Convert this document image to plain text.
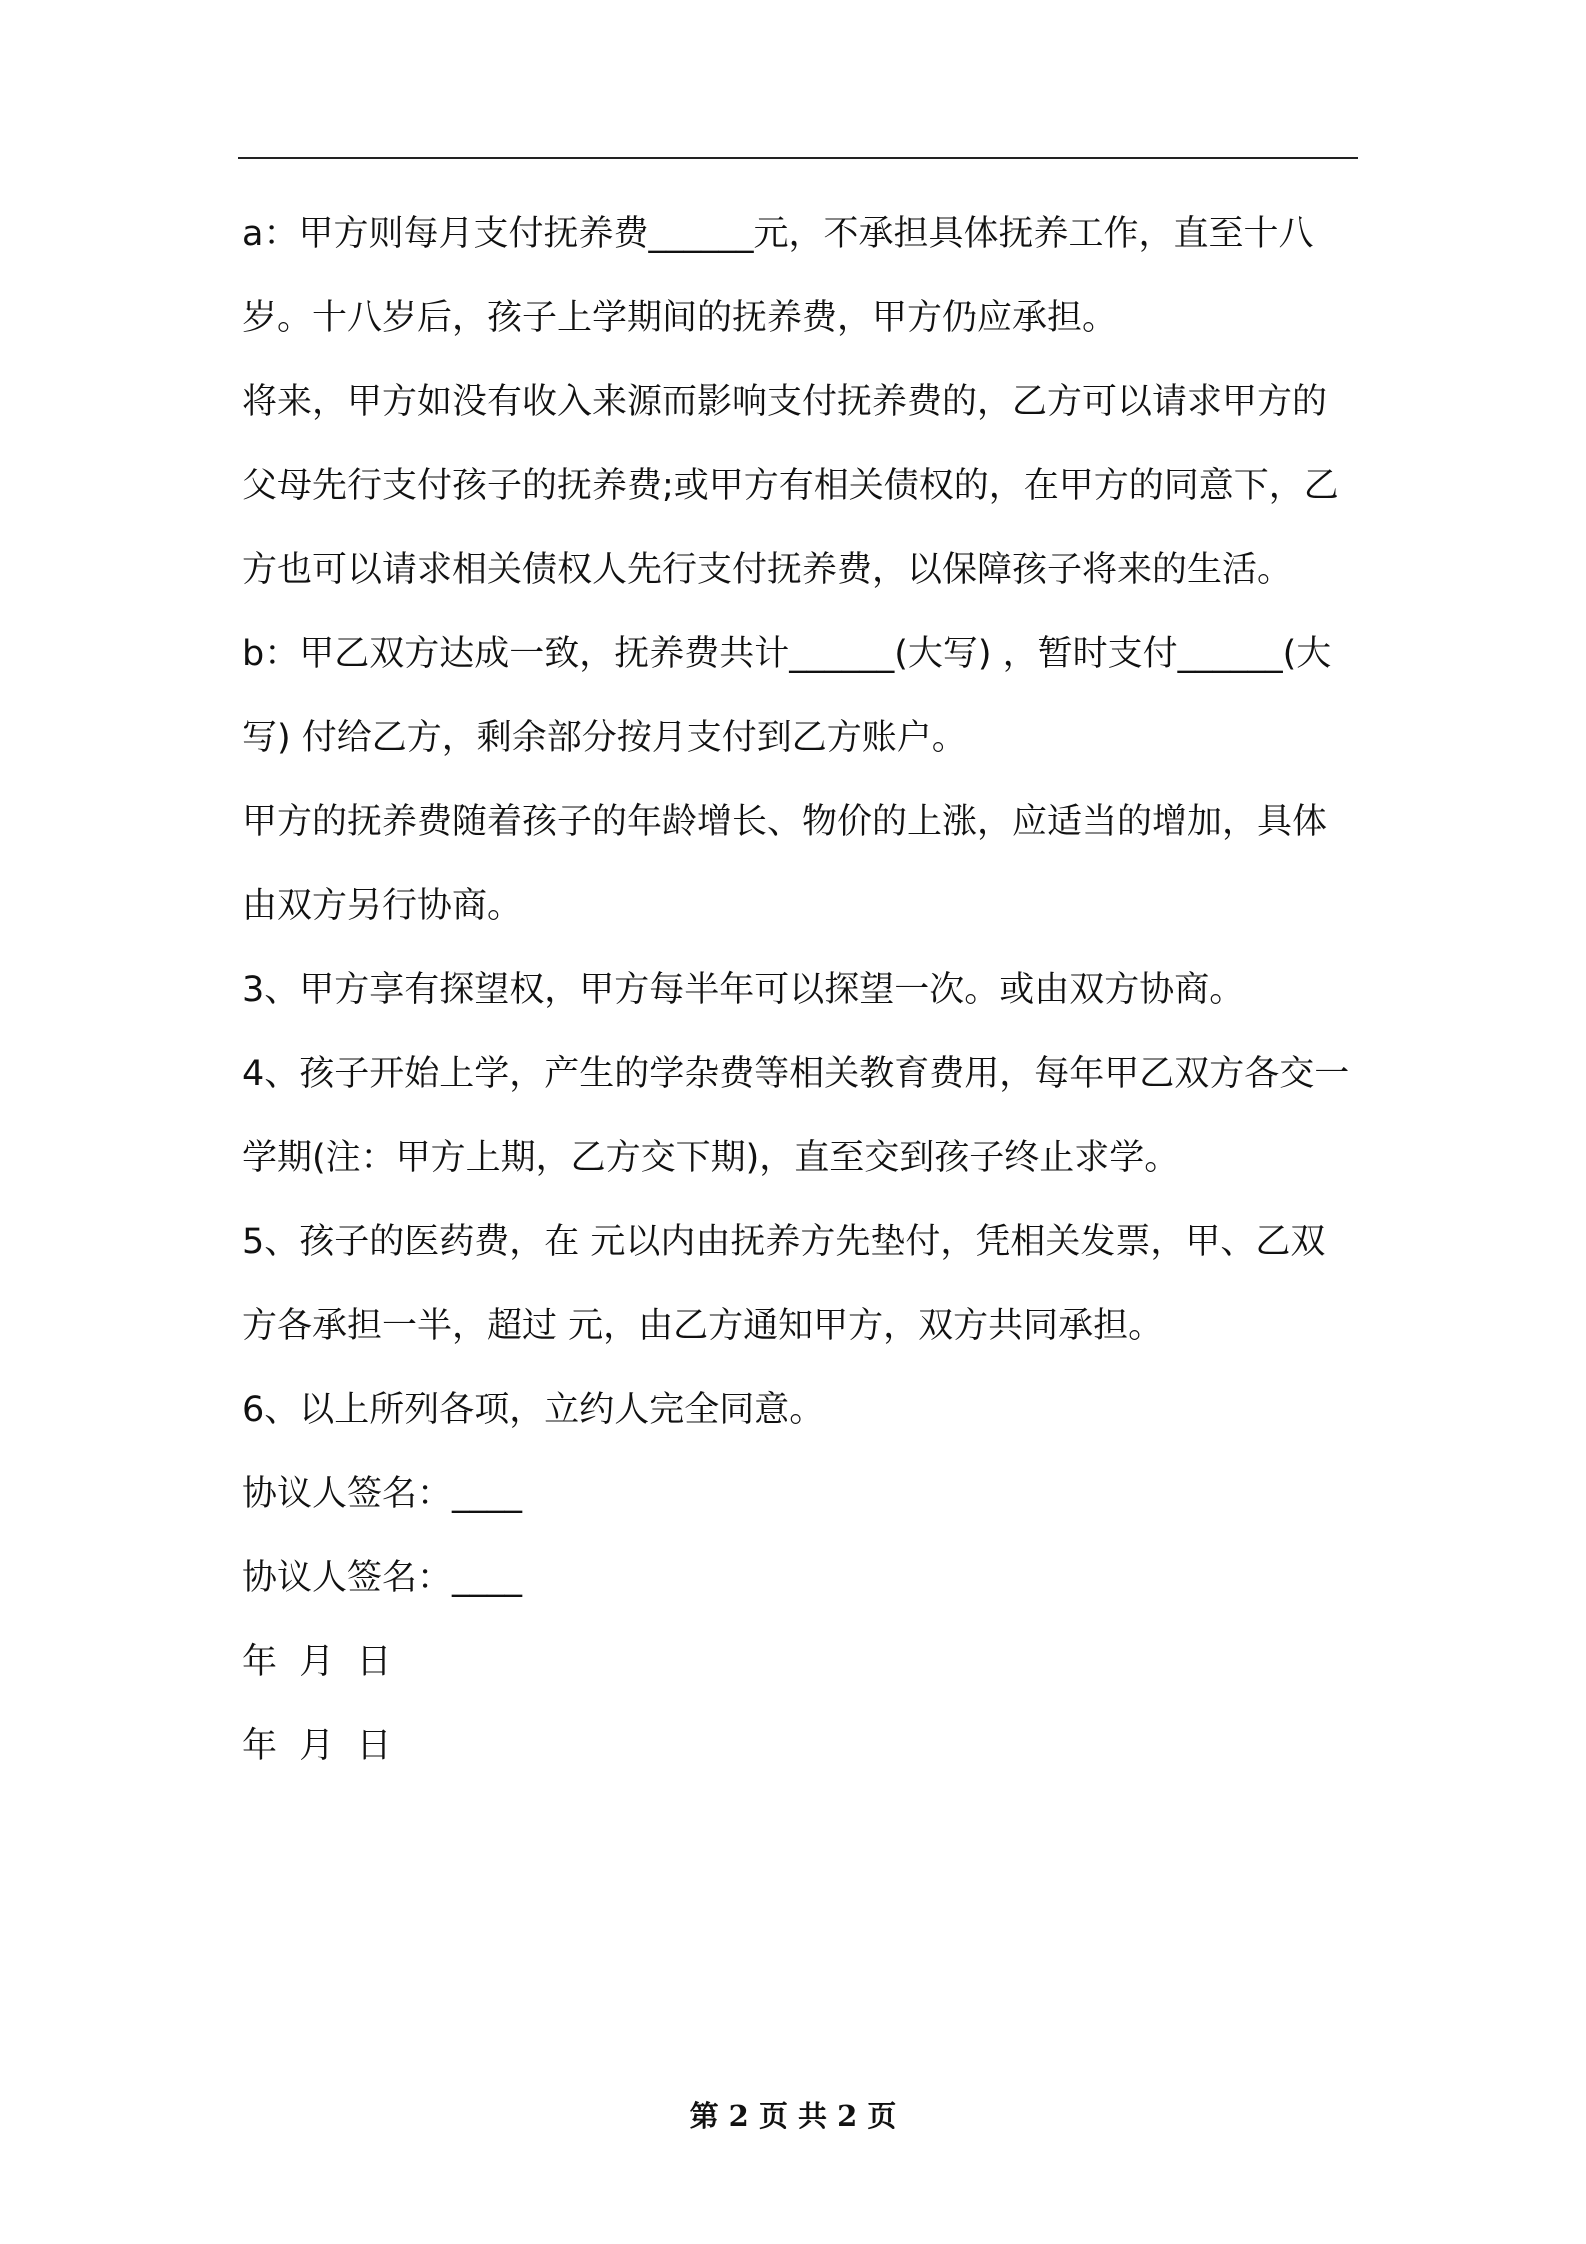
a：甲方则每月支付抚养费______元，不承担具体抚养工作，直至十八岁。十八岁后，孩子上学期间的抚养费，甲方仍应承担。

将来，甲方如没有收入来源而影响支付抚养费的，乙方可以请求甲方的父母先行支付孩子的抚养费;或甲方有相关债权的，在甲方的同意下，乙方也可以请求相关债权人先行支付抚养费，以保障孩子将来的生活。

b：甲乙双方达成一致，抚养费共计______(大写) ，暂时支付______(大写) 付给乙方，剩余部分按月支付到乙方账户。

甲方的抚养费随着孩子的年龄增长、物价的上涨，应适当的增加，具体由双方另行协商。

3、甲方享有探望权，甲方每半年可以探望一次。或由双方协商。

4、孩子开始上学，产生的学杂费等相关教育费用，每年甲乙双方各交一学期(注：甲方上期，乙方交下期)，直至交到孩子终止求学。

5、孩子的医药费，在 元以内由抚养方先垫付，凭相关发票，甲、乙双方各承担一半，超过 元，由乙方通知甲方，双方共同承担。

6、以上所列各项，立约人完全同意。

协议人签名：____

协议人签名：____

年  月  日

年  月  日

第 2 页 共 2 页
